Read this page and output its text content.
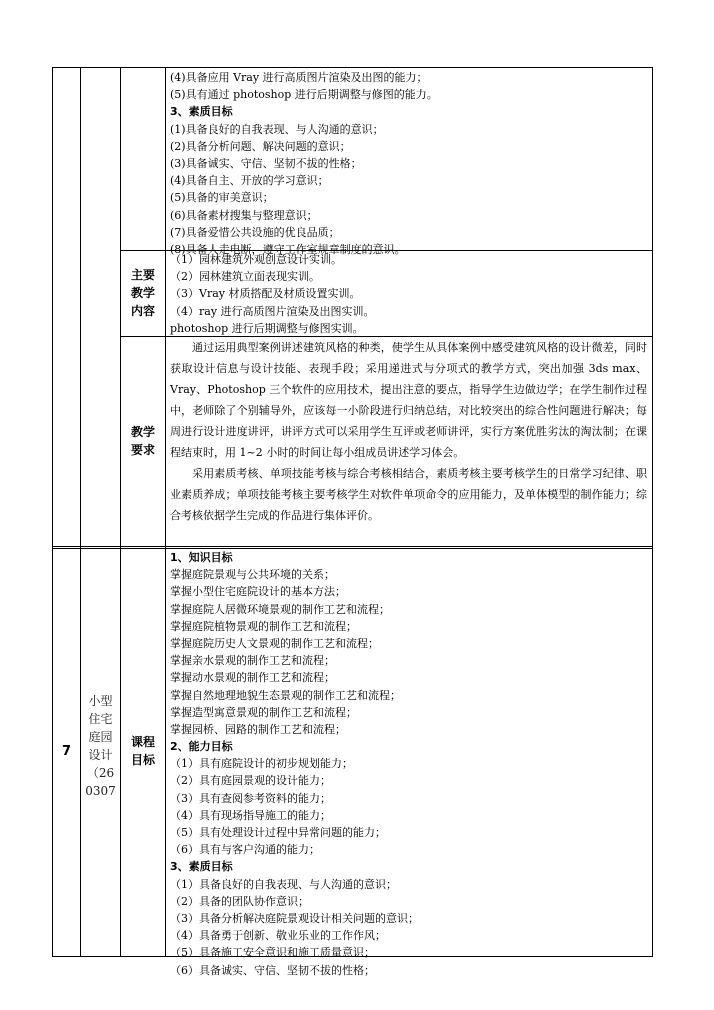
(4)具备应用 Vray 进行高质图片渲染及出图的能力；
(5)具有通过 photoshop 进行后期调整与修图的能力。
3、素质目标
(1)具备良好的自我表现、与人沟通的意识；
(2)具备分析问题、解决问题的意识；
(3)具备诚实、守信、坚韧不拔的性格；
(4)具备自主、开放的学习意识；
(5)具备的审美意识；
(6)具备素材搜集与整理意识；
(7)具备爱惜公共设施的优良品质；
(8)具备人走电断，遵守工作室规章制度的意识。
主要
教学
内容
（1）园林建筑外观创意设计实训。
（2）园林建筑立面表现实训。
（3）Vray 材质搭配及材质设置实训。
（4）ray 进行高质图片渲染及出图实训。
photoshop 进行后期调整与修图实训。
教学
要求

通过运用典型案例讲述建筑风格的种类，使学生从具体案例中感受建筑风格的设计微差，同时获取设计信息与设计技能、表现手段；采用递进式与分项式的教学方式，突出加强 3ds max、Vray、Photoshop 三个软件的应用技术，提出注意的要点，指导学生边做边学；在学生制作过程中，老师除了个别辅导外，应该每一小阶段进行归纳总结，对比较突出的综合性问题进行解决；每周进行设计进度讲评，讲评方式可以采用学生互评或老师讲评，实行方案优胜劣汰的淘汰制；在课程结束时，用 1~2 小时的时间让每小组成员讲述学习体会。

采用素质考核、单项技能考核与综合考核相结合，素质考核主要考核学生的日常学习纪律、职业素质养成；单项技能考核主要考核学生对软件单项命令的应用能力，及单体模型的制作能力；综合考核依据学生完成的作品进行集体评价。

7
小型
住宅
庭园
设计
（26
0307
课程
目标
1、知识目标
掌握庭院景观与公共环境的关系；
掌握小型住宅庭院设计的基本方法；
掌握庭院人居微环境景观的制作工艺和流程；
掌握庭院植物景观的制作工艺和流程；
掌握庭院历史人文景观的制作工艺和流程；
掌握亲水景观的制作工艺和流程；
掌握动水景观的制作工艺和流程；
掌握自然地理地貌生态景观的制作工艺和流程；
掌握造型寓意景观的制作工艺和流程；
掌握园桥、园路的制作工艺和流程；
2、能力目标
（1）具有庭院设计的初步规划能力；
（2）具有庭园景观的设计能力；
（3）具有查阅参考资料的能力；
（4）具有现场指导施工的能力；
（5）具有处理设计过程中异常问题的能力；
（6）具有与客户沟通的能力；
3、素质目标
（1）具备良好的自我表现、与人沟通的意识；
（2）具备的团队协作意识；
（3）具备分析解决庭院景观设计相关问题的意识；
（4）具备勇于创新、敬业乐业的工作作风；
（5）具备施工安全意识和施工质量意识；
（6）具备诚实、守信、坚韧不拔的性格；
